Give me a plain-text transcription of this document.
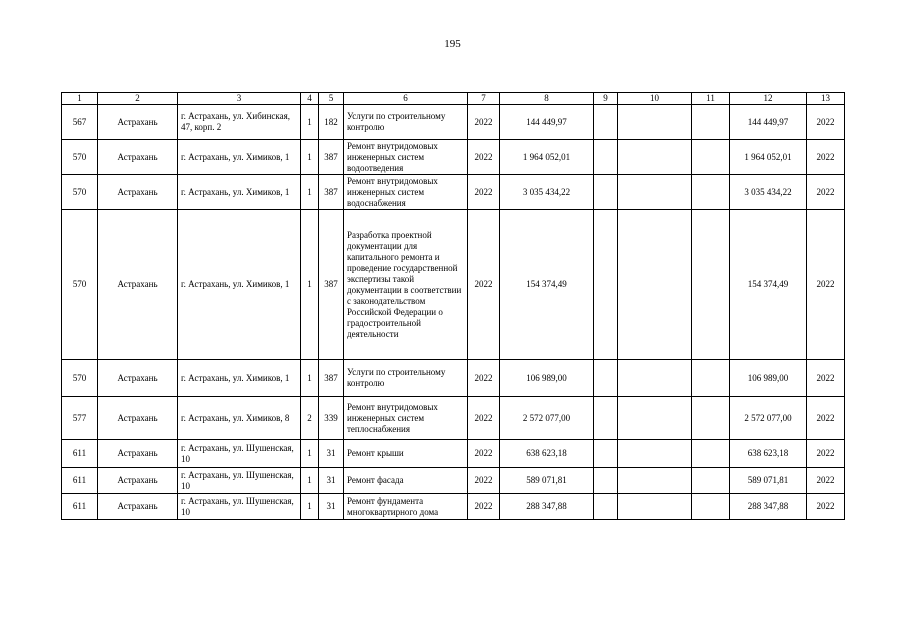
195
1	2	3	4	5	6	7	8	9	10	11	12	13
567	Астрахань	г. Астрахань, ул. Хибинская, 47, корп. 2	1	182	Услуги по строительному контролю	2022	144 449,97				144 449,97	2022
570	Астрахань	г. Астрахань, ул. Химиков, 1	1	387	Ремонт внутридомовых инженерных систем водоотведения	2022	1 964 052,01				1 964 052,01	2022
570	Астрахань	г. Астрахань, ул. Химиков, 1	1	387	Ремонт внутридомовых инженерных систем водоснабжения	2022	3 035 434,22				3 035 434,22	2022
570	Астрахань	г. Астрахань, ул. Химиков, 1	1	387	Разработка проектной документации для капитального ремонта и проведение государственной экспертизы такой документации в соответствии с законодательством Российской Федерации о градостроительной деятельности	2022	154 374,49				154 374,49	2022
570	Астрахань	г. Астрахань, ул. Химиков, 1	1	387	Услуги по строительному контролю	2022	106 989,00				106 989,00	2022
577	Астрахань	г. Астрахань, ул. Химиков, 8	2	339	Ремонт внутридомовых инженерных систем теплоснабжения	2022	2 572 077,00				2 572 077,00	2022
611	Астрахань	г. Астрахань, ул. Шушенская, 10	1	31	Ремонт крыши	2022	638 623,18				638 623,18	2022
611	Астрахань	г. Астрахань, ул. Шушенская, 10	1	31	Ремонт фасада	2022	589 071,81				589 071,81	2022
611	Астрахань	г. Астрахань, ул. Шушенская, 10	1	31	Ремонт фундамента многоквартирного дома	2022	288 347,88				288 347,88	2022
